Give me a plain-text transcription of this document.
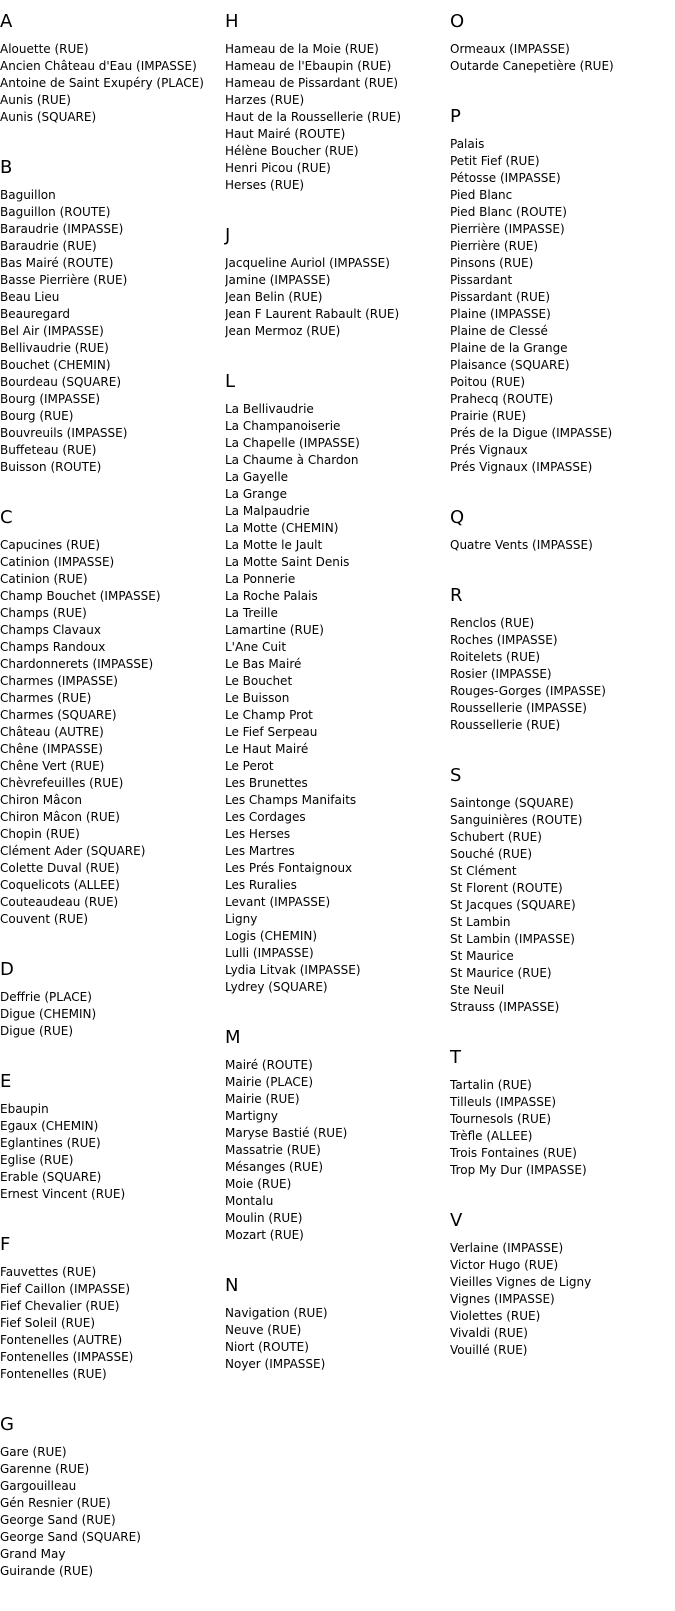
A
Alouette (RUE)
Ancien Château d'Eau (IMPASSE)
Antoine de Saint Exupéry (PLACE)
Aunis (RUE)
Aunis (SQUARE)
B
Baguillon
Baguillon (ROUTE)
Baraudrie (IMPASSE)
Baraudrie (RUE)
Bas Mairé (ROUTE)
Basse Pierrière (RUE)
Beau Lieu
Beauregard
Bel Air (IMPASSE)
Bellivaudrie (RUE)
Bouchet (CHEMIN)
Bourdeau (SQUARE)
Bourg (IMPASSE)
Bourg (RUE)
Bouvreuils (IMPASSE)
Buffeteau (RUE)
Buisson (ROUTE)
C
Capucines (RUE)
Catinion (IMPASSE)
Catinion (RUE)
Champ Bouchet (IMPASSE)
Champs (RUE)
Champs Clavaux
Champs Randoux
Chardonnerets (IMPASSE)
Charmes (IMPASSE)
Charmes (RUE)
Charmes (SQUARE)
Château (AUTRE)
Chêne (IMPASSE)
Chêne Vert (RUE)
Chèvrefeuilles (RUE)
Chiron Mâcon
Chiron Mâcon (RUE)
Chopin (RUE)
Clément Ader (SQUARE)
Colette Duval (RUE)
Coquelicots (ALLEE)
Couteaudeau (RUE)
Couvent (RUE)
D
Deffrie (PLACE)
Digue (CHEMIN)
Digue (RUE)
E
Ebaupin
Egaux (CHEMIN)
Eglantines (RUE)
Eglise (RUE)
Erable (SQUARE)
Ernest Vincent (RUE)
F
Fauvettes (RUE)
Fief Caillon (IMPASSE)
Fief Chevalier (RUE)
Fief Soleil (RUE)
Fontenelles (AUTRE)
Fontenelles (IMPASSE)
Fontenelles (RUE)
G
Gare (RUE)
Garenne (RUE)
Gargouilleau
Gén Resnier (RUE)
George Sand (RUE)
George Sand (SQUARE)
Grand May
Guirande (RUE)
H
Hameau de la Moie (RUE)
Hameau de l'Ebaupin (RUE)
Hameau de Pissardant (RUE)
Harzes (RUE)
Haut de la Roussellerie (RUE)
Haut Mairé (ROUTE)
Hélène Boucher (RUE)
Henri Picou (RUE)
Herses (RUE)
J
Jacqueline Auriol (IMPASSE)
Jamine (IMPASSE)
Jean Belin (RUE)
Jean F Laurent Rabault (RUE)
Jean Mermoz (RUE)
L
La Bellivaudrie
La Champanoiserie
La Chapelle (IMPASSE)
La Chaume à Chardon
La Gayelle
La Grange
La Malpaudrie
La Motte (CHEMIN)
La Motte le Jault
La Motte Saint Denis
La Ponnerie
La Roche Palais
La Treille
Lamartine (RUE)
L'Ane Cuit
Le Bas Mairé
Le Bouchet
Le Buisson
Le Champ Prot
Le Fief Serpeau
Le Haut Mairé
Le Perot
Les Brunettes
Les Champs Manifaits
Les Cordages
Les Herses
Les Martres
Les Prés Fontaignoux
Les Ruralies
Levant (IMPASSE)
Ligny
Logis (CHEMIN)
Lulli (IMPASSE)
Lydia Litvak (IMPASSE)
Lydrey (SQUARE)
M
Mairé (ROUTE)
Mairie (PLACE)
Mairie (RUE)
Martigny
Maryse Bastié (RUE)
Massatrie (RUE)
Mésanges (RUE)
Moie (RUE)
Montalu
Moulin (RUE)
Mozart (RUE)
N
Navigation (RUE)
Neuve (RUE)
Niort (ROUTE)
Noyer (IMPASSE)
O
Ormeaux (IMPASSE)
Outarde Canepetière (RUE)
P
Palais
Petit Fief (RUE)
Pétosse (IMPASSE)
Pied Blanc
Pied Blanc (ROUTE)
Pierrière (IMPASSE)
Pierrière (RUE)
Pinsons (RUE)
Pissardant
Pissardant (RUE)
Plaine (IMPASSE)
Plaine de Clessé
Plaine de la Grange
Plaisance (SQUARE)
Poitou (RUE)
Prahecq (ROUTE)
Prairie (RUE)
Prés de la Digue (IMPASSE)
Prés Vignaux
Prés Vignaux (IMPASSE)
Q
Quatre Vents (IMPASSE)
R
Renclos (RUE)
Roches (IMPASSE)
Roitelets (RUE)
Rosier (IMPASSE)
Rouges-Gorges (IMPASSE)
Roussellerie (IMPASSE)
Roussellerie (RUE)
S
Saintonge (SQUARE)
Sanguinières (ROUTE)
Schubert (RUE)
Souché (RUE)
St Clément
St Florent (ROUTE)
St Jacques (SQUARE)
St Lambin
St Lambin (IMPASSE)
St Maurice
St Maurice (RUE)
Ste Neuil
Strauss (IMPASSE)
T
Tartalin (RUE)
Tilleuls (IMPASSE)
Tournesols (RUE)
Trèfle (ALLEE)
Trois Fontaines (RUE)
Trop My Dur (IMPASSE)
V
Verlaine (IMPASSE)
Victor Hugo (RUE)
Vieilles Vignes de Ligny
Vignes (IMPASSE)
Violettes (RUE)
Vivaldi (RUE)
Vouillé (RUE)
